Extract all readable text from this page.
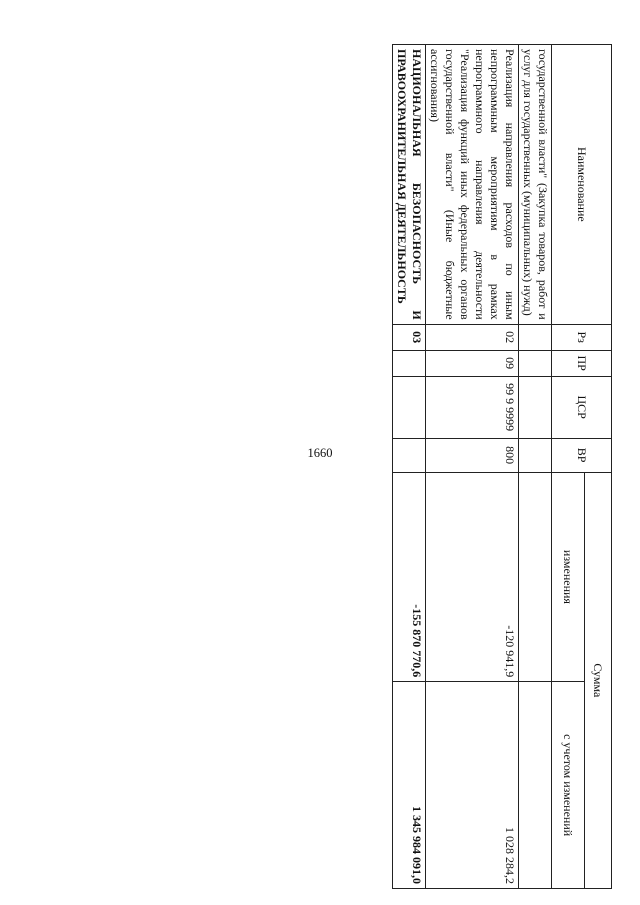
1660
Наименование	Рз	ПР	ЦСР	ВР	Сумма	
					изменения	с учетом изменений
государственной власти" (Закупка товаров, работ и услуг для государственных (муниципальных) нужд)						
Реализация направления расходов по иным непрограммным мероприятиям в рамках непрограммного направления деятельности "Реализация функций иных федеральных органов государственной власти" (Иные бюджетные ассигнования)	02	09	99 9 9999	800	-120 941,9	1 028 284,2
НАЦИОНАЛЬНАЯ БЕЗОПАСНОСТЬ И ПРАВООХРАНИТЕЛЬНАЯ ДЕЯТЕЛЬНОСТЬ	03				-155 870 770,6	1 345 984 091,0
